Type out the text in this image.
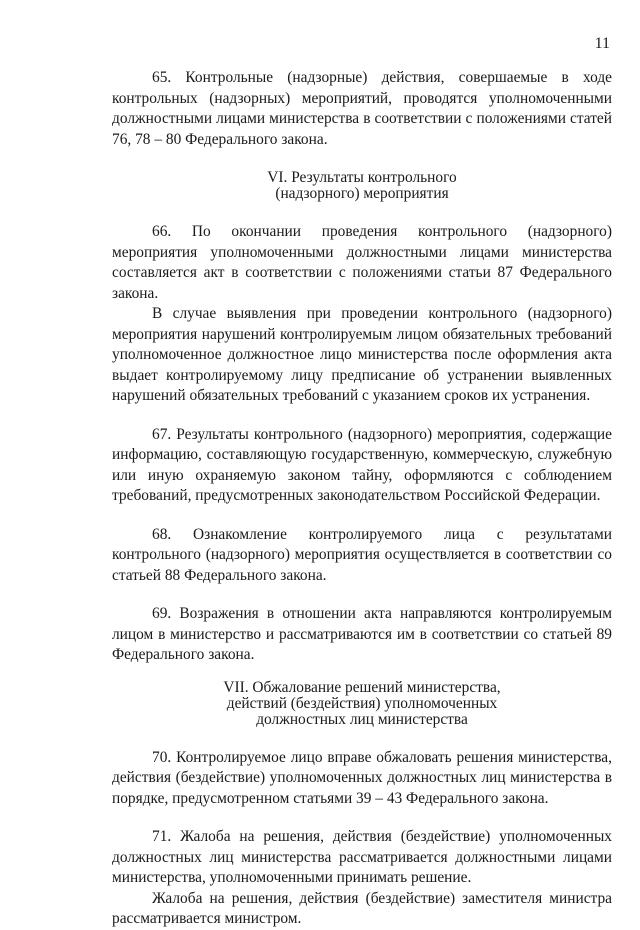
11

65. Контрольные (надзорные) действия, совершаемые в ходе контрольных (надзорных) мероприятий, проводятся уполномоченными должностными лицами министерства в соответствии с положениями статей 76, 78 – 80 Федерального закона.

VI. Результаты контрольного
(надзорного) мероприятия

66. По окончании проведения контрольного (надзорного) мероприятия уполномоченными должностными лицами министерства составляется акт в соответствии с положениями статьи 87 Федерального закона.

В случае выявления при проведении контрольного (надзорного) мероприятия нарушений контролируемым лицом обязательных требований уполномоченное должностное лицо министерства после оформления акта выдает контролируемому лицу предписание об устранении выявленных нарушений обязательных требований с указанием сроков их устранения.

67. Результаты контрольного (надзорного) мероприятия, содержащие информацию, составляющую государственную, коммерческую, служебную или иную охраняемую законом тайну, оформляются с соблюдением требований, предусмотренных законодательством Российской Федерации.

68. Ознакомление контролируемого лица с результатами контрольного (надзорного) мероприятия осуществляется в соответствии со статьей 88 Федерального закона.

69. Возражения в отношении акта направляются контролируемым лицом в министерство и рассматриваются им в соответствии со статьей 89 Федерального закона.

VII. Обжалование решений министерства,
действий (бездействия) уполномоченных
должностных лиц министерства

70. Контролируемое лицо вправе обжаловать решения министерства, действия (бездействие) уполномоченных должностных лиц министерства в порядке, предусмотренном статьями 39 – 43 Федерального закона.

71. Жалоба на решения, действия (бездействие) уполномоченных должностных лиц министерства рассматривается должностными лицами министерства, уполномоченными принимать решение.

Жалоба на решения, действия (бездействие) заместителя министра рассматривается министром.
